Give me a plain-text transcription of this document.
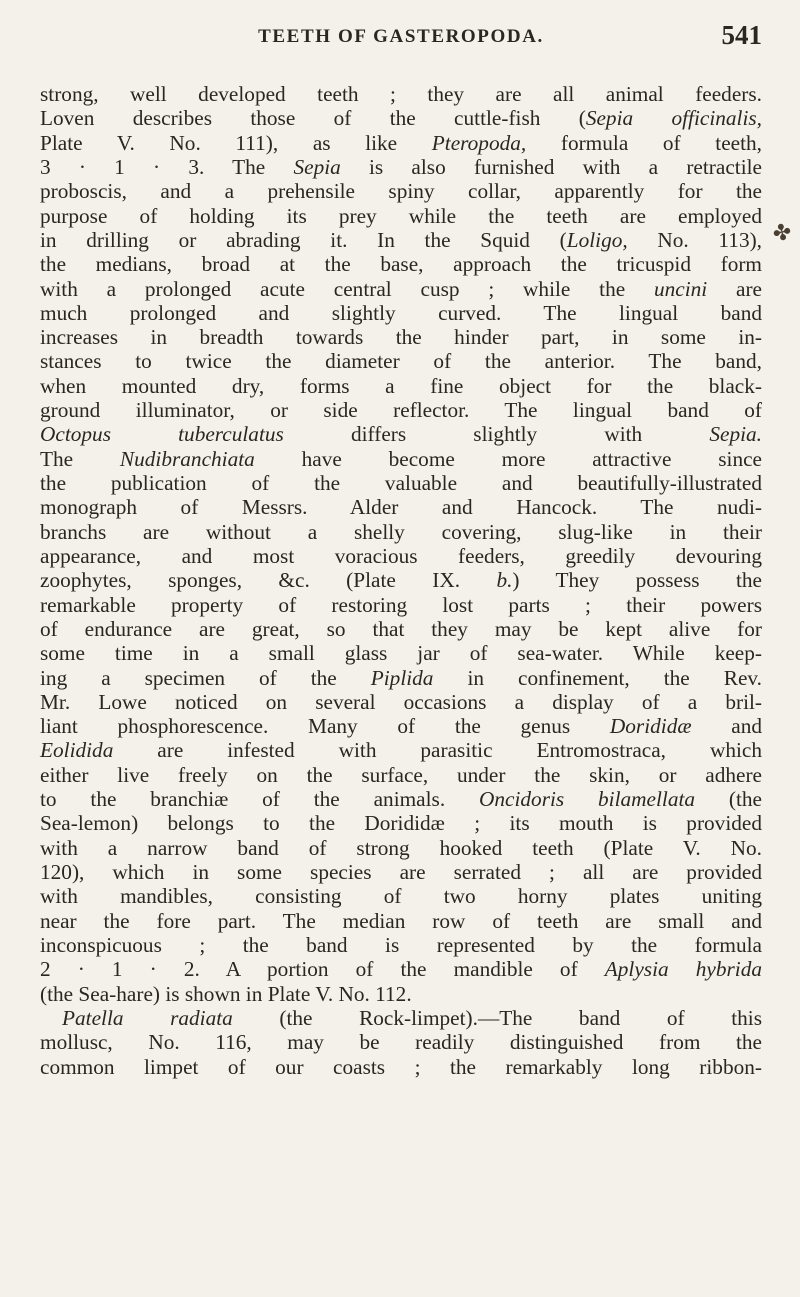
TEETH OF GASTEROPODA.	541
✤
strong, well developed teeth ; they are all animal feeders.
Loven describes those of the cuttle-fish (Sepia officinalis,
Plate V. No. 111), as like Pteropoda, formula of teeth,
3 · 1 · 3. The Sepia is also furnished with a retractile
proboscis, and a prehensile spiny collar, apparently for the
purpose of holding its prey while the teeth are employed
in drilling or abrading it. In the Squid (Loligo, No. 113),
the medians, broad at the base, approach the tricuspid form
with a prolonged acute central cusp ; while the uncini are
much prolonged and slightly curved. The lingual band
increases in breadth towards the hinder part, in some in-
stances to twice the diameter of the anterior. The band,
when mounted dry, forms a fine object for the black-
ground illuminator, or side reflector. The lingual band of
Octopus tuberculatus differs slightly with Sepia.
The Nudibranchiata have become more attractive since
the publication of the valuable and beautifully-illustrated
monograph of Messrs. Alder and Hancock. The nudi-
branchs are without a shelly covering, slug-like in their
appearance, and most voracious feeders, greedily devouring
zoophytes, sponges, &c. (Plate IX. b.) They possess the
remarkable property of restoring lost parts ; their powers
of endurance are great, so that they may be kept alive for
some time in a small glass jar of sea-water. While keep-
ing a specimen of the Piplida in confinement, the Rev.
Mr. Lowe noticed on several occasions a display of a bril-
liant phosphorescence. Many of the genus Dorididæ and
Eolidida are infested with parasitic Entromostraca, which
either live freely on the surface, under the skin, or adhere
to the branchiæ of the animals. Oncidoris bilamellata (the
Sea-lemon) belongs to the Dorididæ ; its mouth is provided
with a narrow band of strong hooked teeth (Plate V. No.
120), which in some species are serrated ; all are provided
with mandibles, consisting of two horny plates uniting
near the fore part. The median row of teeth are small and
inconspicuous ; the band is represented by the formula
2 · 1 · 2. A portion of the mandible of Aplysia hybrida
(the Sea-hare) is shown in Plate V. No. 112.
Patella radiata (the Rock-limpet).—The band of this
mollusc, No. 116, may be readily distinguished from the
common limpet of our coasts ; the remarkably long ribbon-
